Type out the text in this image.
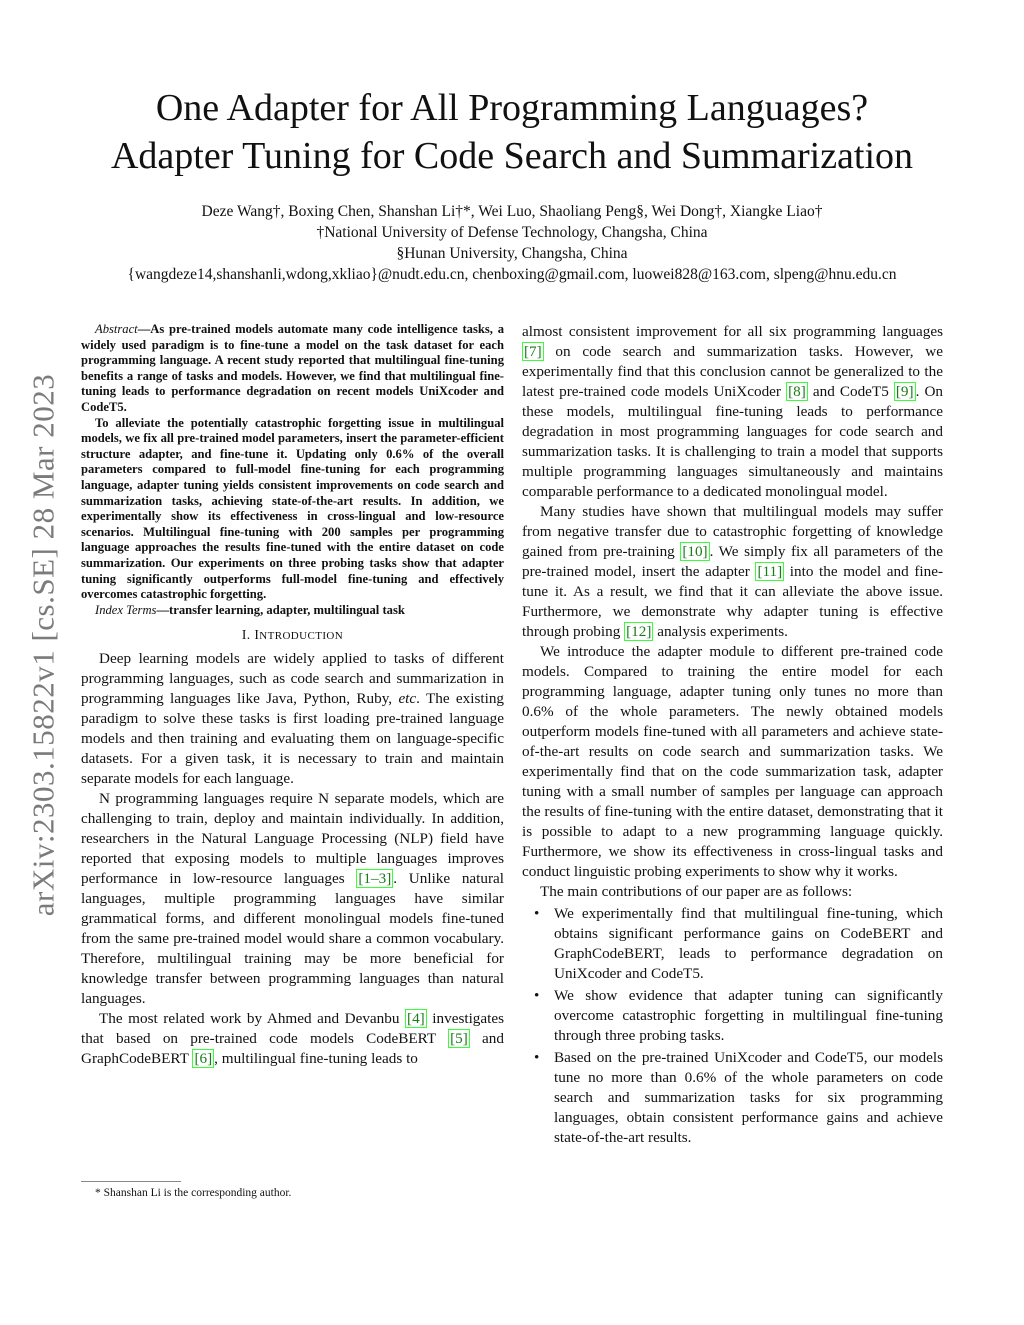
arXiv:2303.15822v1 [cs.SE] 28 Mar 2023
One Adapter for All Programming Languages?
Adapter Tuning for Code Search and Summarization
Deze Wang†, Boxing Chen, Shanshan Li†*, Wei Luo, Shaoliang Peng§, Wei Dong†, Xiangke Liao†
†National University of Defense Technology, Changsha, China
§Hunan University, Changsha, China
{wangdeze14,shanshanli,wdong,xkliao}@nudt.edu.cn, chenboxing@gmail.com, luowei828@163.com, slpeng@hnu.edu.cn

Abstract—As pre-trained models automate many code intelligence tasks, a widely used paradigm is to fine-tune a model on the task dataset for each programming language. A recent study reported that multilingual fine-tuning benefits a range of tasks and models. However, we find that multilingual fine-tuning leads to performance degradation on recent models UniXcoder and CodeT5.

To alleviate the potentially catastrophic forgetting issue in multilingual models, we fix all pre-trained model parameters, insert the parameter-efficient structure adapter, and fine-tune it. Updating only 0.6% of the overall parameters compared to full-model fine-tuning for each programming language, adapter tuning yields consistent improvements on code search and summarization tasks, achieving state-of-the-art results. In addition, we experimentally show its effectiveness in cross-lingual and low-resource scenarios. Multilingual fine-tuning with 200 samples per programming language approaches the results fine-tuned with the entire dataset on code summarization. Our experiments on three probing tasks show that adapter tuning significantly outperforms full-model fine-tuning and effectively overcomes catastrophic forgetting.

Index Terms—transfer learning, adapter, multilingual task

I. INTRODUCTION

Deep learning models are widely applied to tasks of different programming languages, such as code search and summarization in programming languages like Java, Python, Ruby, etc. The existing paradigm to solve these tasks is first loading pre-trained language models and then training and evaluating them on language-specific datasets. For a given task, it is necessary to train and maintain separate models for each language.

N programming languages require N separate models, which are challenging to train, deploy and maintain individually. In addition, researchers in the Natural Language Processing (NLP) field have reported that exposing models to multiple languages improves performance in low-resource languages [1–3] . Unlike natural languages, multiple programming languages have similar grammatical forms, and different monolingual models fine-tuned from the same pre-trained model would share a common vocabulary. Therefore, multilingual training may be more beneficial for knowledge transfer between programming languages than natural languages.

The most related work by Ahmed and Devanbu [4] investigates that based on pre-trained code models CodeBERT [5] and GraphCodeBERT [6] , multilingual fine-tuning leads to

* Shanshan Li is the corresponding author.

almost consistent improvement for all six programming languages [7] on code search and summarization tasks. However, we experimentally find that this conclusion cannot be generalized to the latest pre-trained code models UniXcoder [8] and CodeT5 [9] . On these models, multilingual fine-tuning leads to performance degradation in most programming languages for code search and summarization tasks. It is challenging to train a model that supports multiple programming languages simultaneously and maintains comparable performance to a dedicated monolingual model.

Many studies have shown that multilingual models may suffer from negative transfer due to catastrophic forgetting of knowledge gained from pre-training [10] . We simply fix all parameters of the pre-trained model, insert the adapter [11] into the model and fine-tune it. As a result, we find that it can alleviate the above issue. Furthermore, we demonstrate why adapter tuning is effective through probing [12] analysis experiments.

We introduce the adapter module to different pre-trained code models. Compared to training the entire model for each programming language, adapter tuning only tunes no more than 0.6% of the whole parameters. The newly obtained models outperform models fine-tuned with all parameters and achieve state-of-the-art results on code search and summarization tasks. We experimentally find that on the code summarization task, adapter tuning with a small number of samples per language can approach the results of fine-tuning with the entire dataset, demonstrating that it is possible to adapt to a new programming language quickly. Furthermore, we show its effectiveness in cross-lingual tasks and conduct linguistic probing experiments to show why it works.

The main contributions of our paper are as follows:

• We experimentally find that multilingual fine-tuning, which obtains significant performance gains on CodeBERT and GraphCodeBERT, leads to performance degradation on UniXcoder and CodeT5.
• We show evidence that adapter tuning can significantly overcome catastrophic forgetting in multilingual fine-tuning through three probing tasks.
• Based on the pre-trained UniXcoder and CodeT5, our models tune no more than 0.6% of the whole parameters on code search and summarization tasks for six programming languages, obtain consistent performance gains and achieve state-of-the-art results.
